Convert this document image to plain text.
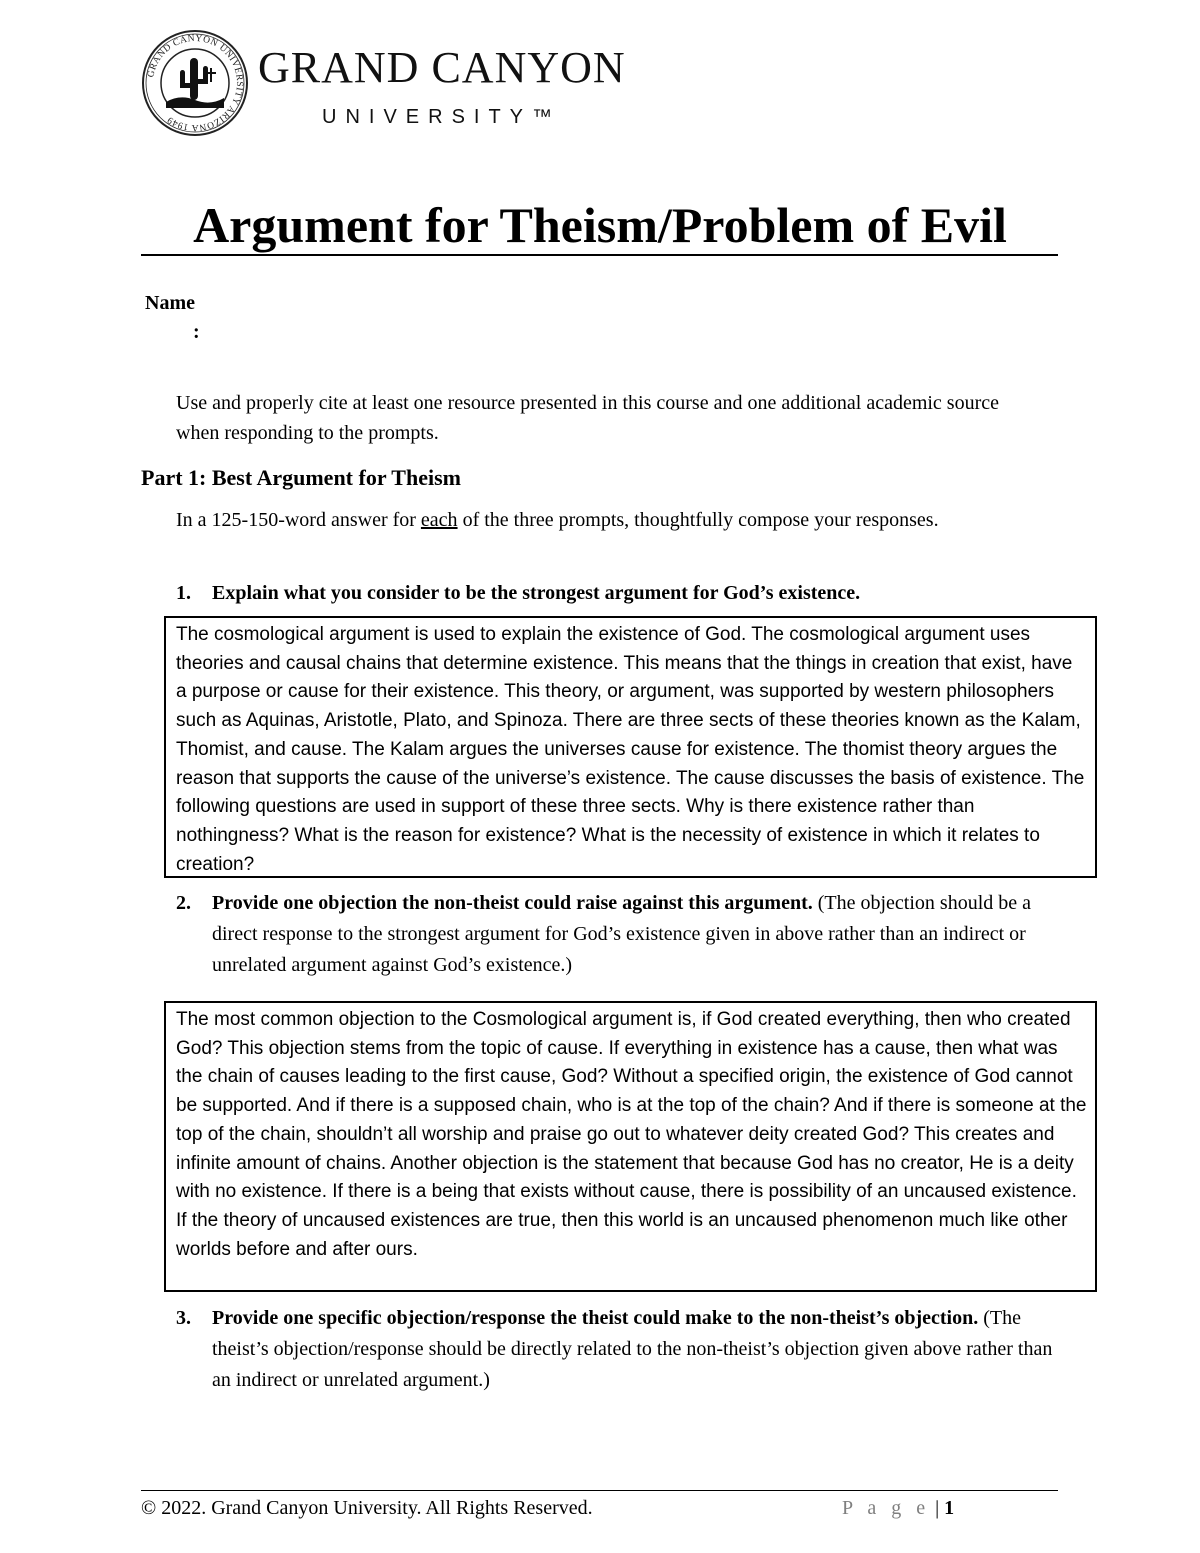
GRAND CANYON UNIVERSITY ARIZONA 1949
GRAND CANYON
UNIVERSITY™
Argument for Theism/Problem of Evil
Name
:
Use and properly cite at least one resource presented in this course and one additional academic source when responding to the prompts.
Part 1: Best Argument for Theism
In a 125-150-word answer for each of the three prompts, thoughtfully compose your responses.
1. Explain what you consider to be the strongest argument for God’s existence.
The cosmological argument is used to explain the existence of God. The cosmological argument uses theories and causal chains that determine existence. This means that the things in creation that exist, have a purpose or cause for their existence. This theory, or argument, was supported by western philosophers such as Aquinas, Aristotle, Plato, and Spinoza. There are three sects of these theories known as the Kalam, Thomist, and cause. The Kalam argues the universes cause for existence. The thomist theory argues the reason that supports the cause of the universe’s existence. The cause discusses the basis of existence. The following questions are used in support of these three sects. Why is there existence rather than nothingness? What is the reason for existence? What is the necessity of existence in which it relates to creation?
2. Provide one objection the non-theist could raise against this argument. (The objection should be a direct response to the strongest argument for God’s existence given in above rather than an indirect or unrelated argument against God’s existence.)
The most common objection to the Cosmological argument is, if God created everything, then who created God? This objection stems from the topic of cause. If everything in existence has a cause, then what was the chain of causes leading to the first cause, God? Without a specified origin, the existence of God cannot be supported. And if there is a supposed chain, who is at the top of the chain? And if there is someone at the top of the chain, shouldn’t all worship and praise go out to whatever deity created God? This creates and infinite amount of chains. Another objection is the statement that because God has no creator, He is a deity with no existence. If there is a being that exists without cause, there is possibility of an uncaused existence. If the theory of uncaused existences are true, then this world is an uncaused phenomenon much like other worlds before and after ours.
3. Provide one specific objection/response the theist could make to the non-theist’s objection. (The theist’s objection/response should be directly related to the non-theist’s objection given above rather than an indirect or unrelated argument.)
© 2022. Grand Canyon University. All Rights Reserved.	P a g e | 1
